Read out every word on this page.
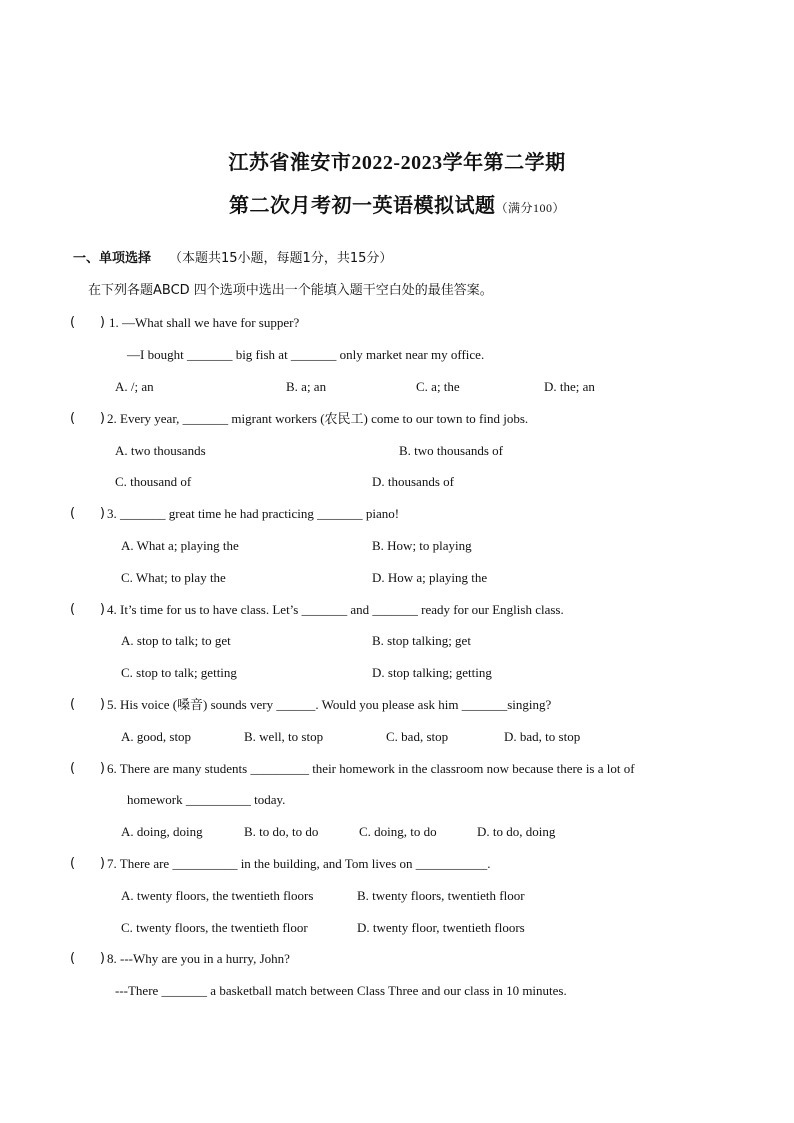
江苏省淮安市2022-2023学年第二学期
第二次月考初一英语模拟试题（满分100）
一、单项选择 （本题共15小题，每题1分，共15分）
在下列各题ABCD 四个选项中选出一个能填入题干空白处的最佳答案。
(      ) 1. —What shall we have for supper?
—I bought _______ big fish at _______ only market near my office.
A. /; an	B. a; an	C. a; the	D. the; an
(      ) 2. Every year, _______ migrant workers (农民工) come to our town to find jobs.
A. two thousands	B. two thousands of
C. thousand of	D. thousands of
(      ) 3. _______ great time he had practicing _______ piano!
A. What a; playing the	B. How; to playing
C. What; to play the	D. How a; playing the
(      ) 4. It’s time for us to have class. Let’s _______ and _______ ready for our English class.
A. stop to talk; to get	B. stop talking; get
C. stop to talk; getting	D. stop talking; getting
(      ) 5. His voice (嗓音) sounds very ______. Would you please ask him _______singing?
A. good, stop	B. well, to stop	C. bad, stop	D. bad, to stop
(      ) 6. There are many students _________ their homework in the classroom now because there is a lot of
homework __________ today.
A. doing, doing	B. to do, to do	C. doing, to do	D. to do, doing
(      ) 7. There are __________ in the building, and Tom lives on ___________.
A. twenty floors, the twentieth floors	B. twenty floors, twentieth floor
C. twenty floors, the twentieth floor	D. twenty floor, twentieth floors
(      ) 8. ---Why are you in a hurry, John?
---There _______ a basketball match between Class Three and our class in 10 minutes.
